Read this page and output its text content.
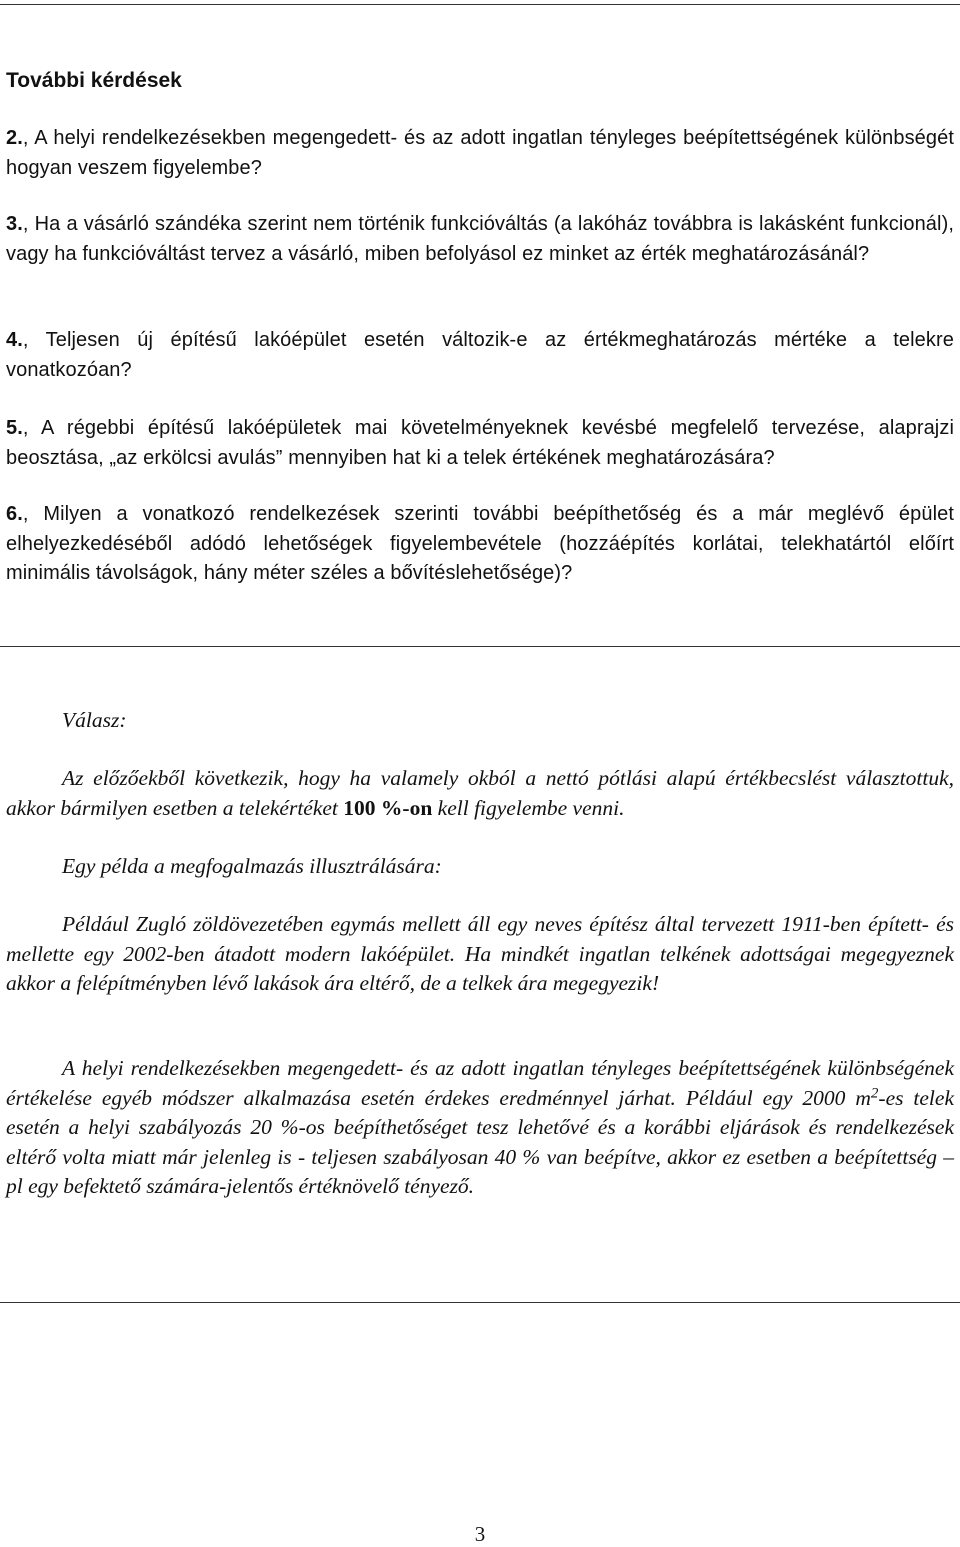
További kérdések
2., A helyi rendelkezésekben megengedett- és az adott ingatlan tényleges beépítettségének különbségét hogyan veszem figyelembe?
3., Ha a vásárló szándéka szerint nem történik funkcióváltás (a lakóház továbbra is lakásként funkcionál), vagy ha funkcióváltást tervez a vásárló, miben befolyásol ez minket az érték meghatározásánál?
4., Teljesen új építésű lakóépület esetén változik-e az értékmeghatározás mértéke a telekre vonatkozóan?
5., A régebbi építésű lakóépületek mai követelményeknek kevésbé megfelelő tervezése, alaprajzi beosztása, „az erkölcsi avulás” mennyiben hat ki a telek értékének meghatározására?
6., Milyen a vonatkozó rendelkezések szerinti további beépíthetőség és a már meglévő épület elhelyezkedéséből adódó lehetőségek figyelembevétele (hozzáépítés korlátai, telekhatártól előírt minimális távolságok, hány méter széles a bővítéslehetősége)?
Válasz:
Az előzőekből következik, hogy ha valamely okból a nettó pótlási alapú értékbecslést választottuk, akkor bármilyen esetben a telekértéket 100 %-on kell figyelembe venni.
Egy példa a megfogalmazás illusztrálására:
Például Zugló zöldövezetében egymás mellett áll egy neves építész által tervezett 1911-ben épített- és mellette egy 2002-ben átadott modern lakóépület. Ha mindkét ingatlan telkének adottságai megegyeznek akkor a felépítményben lévő lakások ára eltérő, de a telkek ára megegyezik!
A helyi rendelkezésekben megengedett- és az adott ingatlan tényleges beépítettségének különbségének értékelése egyéb módszer alkalmazása esetén érdekes eredménnyel járhat. Például egy 2000 $m^2-es$ telek esetén a helyi szabályozás 20 %-os beépíthetőséget tesz lehetővé és a korábbi eljárások és rendelkezések eltérő volta miatt már jelenleg is - teljesen szabályosan 40 % van beépítve, akkor ez esetben a beépítettség –pl egy befektető számára-jelentős értéknövelő tényező.
3
